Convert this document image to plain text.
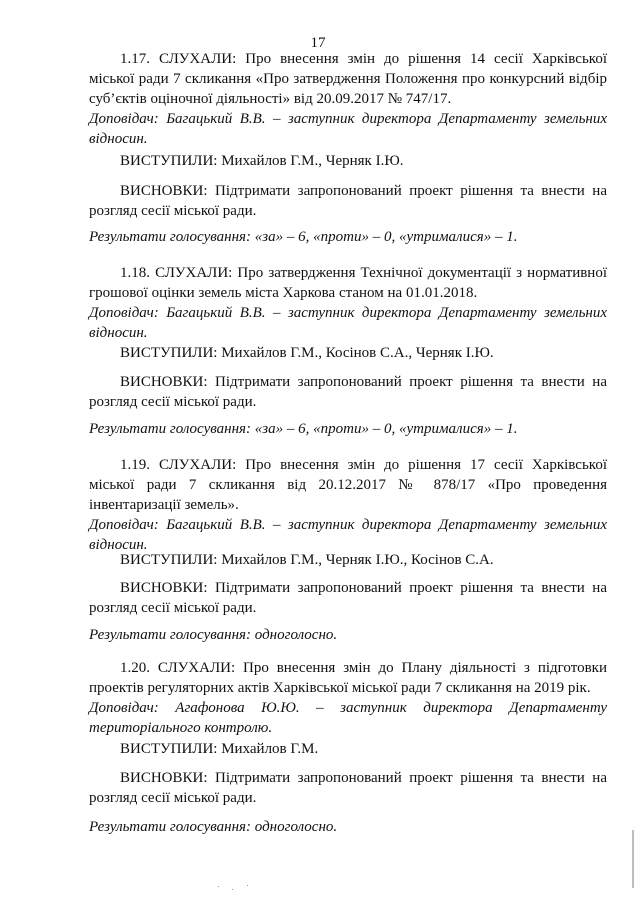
17

1.17. СЛУХАЛИ: Про внесення змін до рішення 14 сесії Харківської міської ради 7 скликання «Про затвердження Положення про конкурсний відбір суб’єктів оціночної діяльності» від 20.09.2017 № 747/17.

Доповідач: Багацький В.В. – заступник директора Департаменту земельних відносин.

ВИСТУПИЛИ: Михайлов Г.М., Черняк І.Ю.

ВИСНОВКИ: Підтримати запропонований проект рішення та внести на розгляд сесії міської ради.

Результати голосування: «за» – 6, «проти» – 0, «утрималися» – 1.

1.18. СЛУХАЛИ: Про затвердження Технічної документації з нормативної грошової оцінки земель міста Харкова станом на 01.01.2018.

Доповідач: Багацький В.В. – заступник директора Департаменту земельних відносин.

ВИСТУПИЛИ: Михайлов Г.М., Косінов С.А., Черняк І.Ю.

ВИСНОВКИ: Підтримати запропонований проект рішення та внести на розгляд сесії міської ради.

Результати голосування: «за» – 6, «проти» – 0, «утрималися» – 1.

1.19. СЛУХАЛИ: Про внесення змін до рішення 17 сесії Харківської міської ради 7 скликання від 20.12.2017 № 878/17 «Про проведення інвентаризації земель».

Доповідач: Багацький В.В. – заступник директора Департаменту земельних відносин.

ВИСТУПИЛИ: Михайлов Г.М., Черняк І.Ю., Косінов С.А.

ВИСНОВКИ: Підтримати запропонований проект рішення та внести на розгляд сесії міської ради.

Результати голосування: одноголосно.

1.20. СЛУХАЛИ: Про внесення змін до Плану діяльності з підготовки проектів регуляторних актів Харківської міської ради 7 скликання на 2019 рік.

Доповідач: Агафонова Ю.Ю. – заступник директора Департаменту територіального контролю.

ВИСТУПИЛИ: Михайлов Г.М.

ВИСНОВКИ: Підтримати запропонований проект рішення та внести на розгляд сесії міської ради.

Результати голосування: одноголосно.
